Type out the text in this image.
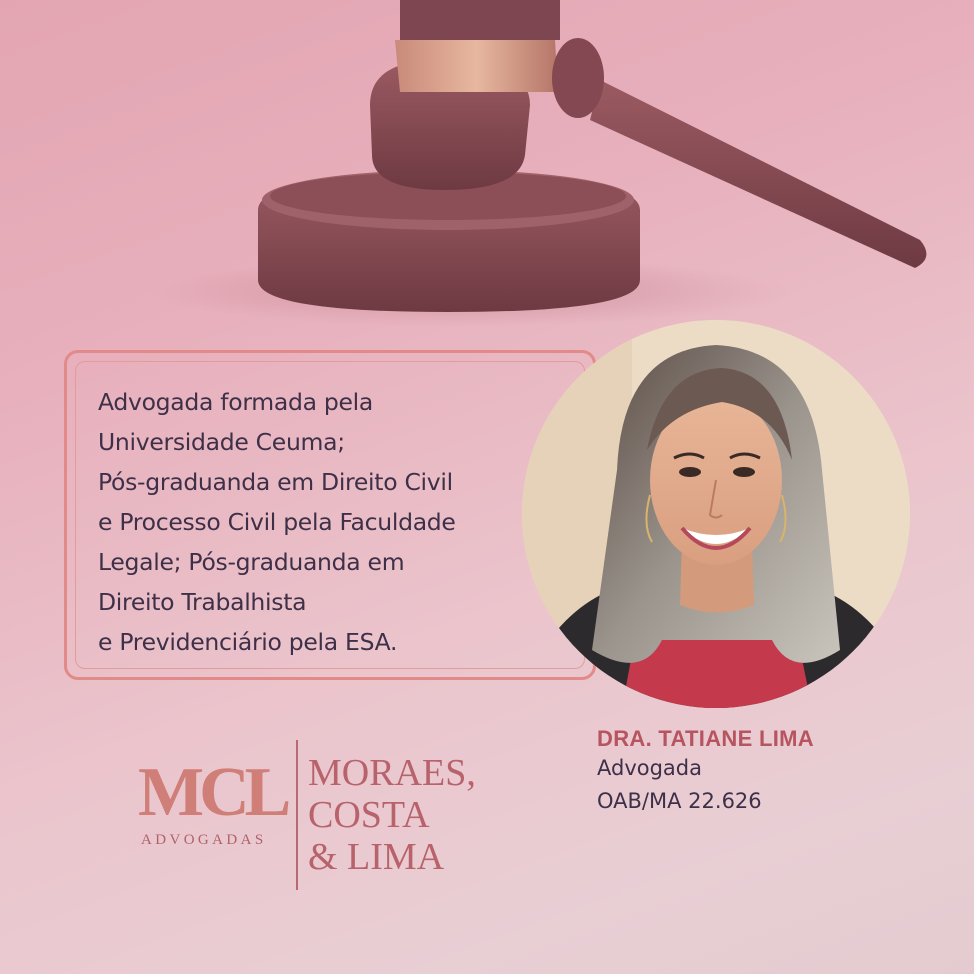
Advogada formada pela
Universidade Ceuma;
Pós-graduanda em Direito Civil
e Processo Civil pela Faculdade
Legale; Pós-graduanda em
Direito Trabalhista
e Previdenciário pela ESA.
DRA. TATIANE LIMA
Advogada
OAB/MA 22.626
MCL
ADVOGADAS
MORAES,
COSTA
& LIMA
